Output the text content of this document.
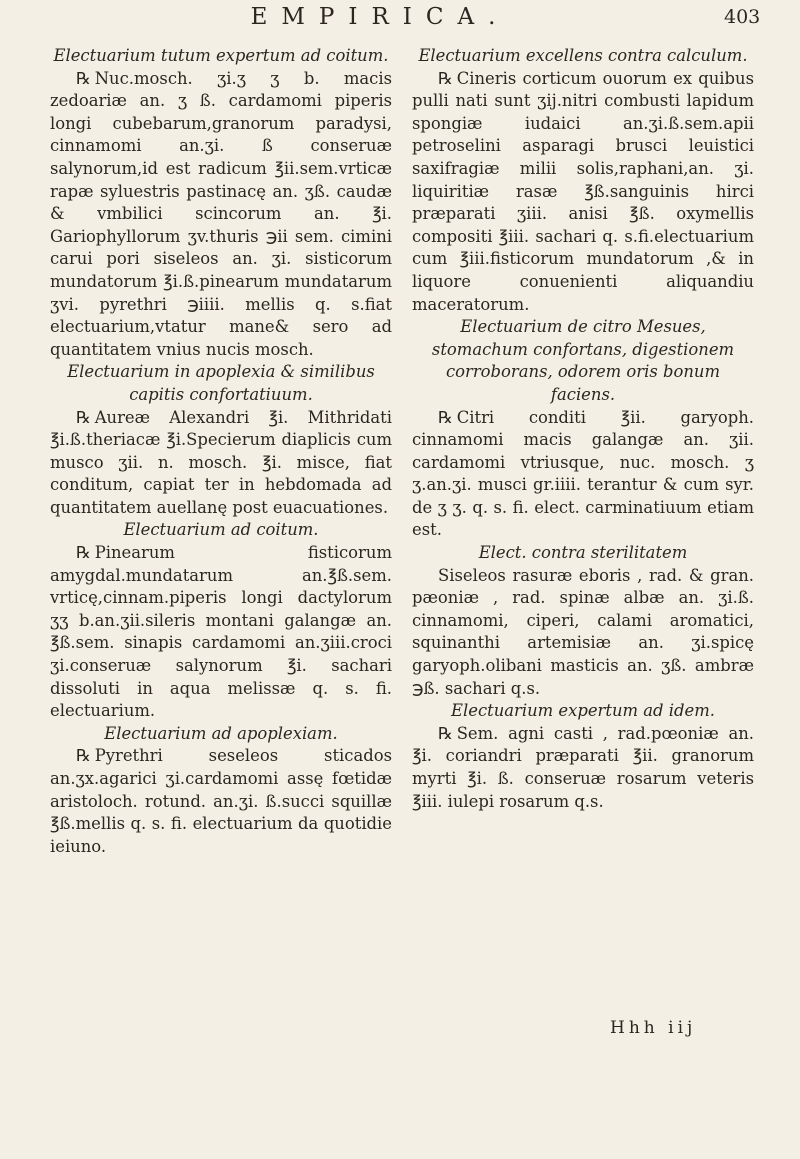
EMPIRICA.	403

Electuarium tutum expertum ad coitum.

℞ Nuc.mosch. ʒi.ʒ ʒ b. macis zedoariæ an. ʒ ß. cardamomi piperis longi cubebarum,granorum paradysi, cinnamomi an.ʒi. ß conseruæ salynorum,id est radicum ℥ii.sem.vrticæ rapæ syluestris pastinacę an. ʒß. caudæ & vmbilici scincorum an. ℥i. Gariophyllorum ʒv.thuris ℈ii sem. cimini carui pori siseleos an. ʒi. sisticorum mundatorum ℥i.ß.pinearum mundatarum ʒvi. pyrethri ℈iiii. mellis q. s.fiat electuarium,vtatur mane& sero ad quantitatem vnius nucis mosch.

Electuarium in apoplexia & similibus capitis confortatiuum.

℞ Aureæ Alexandri ℥i. Mithridati ℥i.ß.theriacæ ℥i.Specierum diaplicis cum musco ʒii. n. mosch. ℥i. misce, fiat conditum, capiat ter in hebdomada ad quantitatem auellanę post euacuationes.

Electuarium ad coitum.

℞ Pinearum fisticorum amygdal.mundatarum an.℥ß.sem. vrticę,cinnam.piperis longi dactylorum ʒʒ b.an.ʒii.sileris montani galangæ an. ℥ß.sem. sinapis cardamomi an.ʒiii.croci ʒi.conseruæ salynorum ℥i. sachari dissoluti in aqua melissæ q. s. fi. electuarium.

Electuarium ad apoplexiam.

℞ Pyrethri seseleos sticados an.ʒx.agarici ʒi.cardamomi assę fœtidæ aristoloch. rotund. an.ʒi. ß.succi squillæ ℥ß.mellis q. s. fi. electuarium da quotidie ieiuno.

Electuarium excellens contra calculum.

℞ Cineris corticum ouorum ex quibus pulli nati sunt ʒij.nitri combusti lapidum spongiæ iudaici an.ʒi.ß.sem.apii petroselini asparagi brusci leuistici saxifragiæ milii solis,raphani,an. ʒi. liquiritiæ rasæ ℥ß.sanguinis hirci præparati ʒiii. anisi ℥ß. oxymellis compositi ℥iii. sachari q. s.fi.electuarium cum ℥iii.fisticorum mundatorum ,& in liquore conuenienti aliquandiu maceratorum.

Electuarium de citro Mesues, stomachum confortans, digestionem corroborans, odorem oris bonum faciens.

℞ Citri conditi ℥ii. garyoph. cinnamomi macis galangæ an. ʒii. cardamomi vtriusque, nuc. mosch. ʒ ʒ.an.ʒi. musci gr.iiii. terantur & cum syr. de ʒ ʒ. q. s. fi. elect. carminatiuum etiam est.

Elect. contra sterilitatem

Siseleos rasuræ eboris , rad. & gran. pæoniæ , rad. spinæ albæ an. ʒi.ß. cinnamomi, ciperi, calami aromatici, squinanthi artemisiæ an. ʒi.spicę garyoph.olibani masticis an. ʒß. ambræ ℈ß. sachari q.s.

Electuarium expertum ad idem.

℞ Sem. agni casti , rad.pœoniæ an. ℥i. coriandri præparati ℥ii. granorum myrti ℥i. ß. conseruæ rosarum veteris ℥iii. iulepi rosarum q.s.

Hhh iij
